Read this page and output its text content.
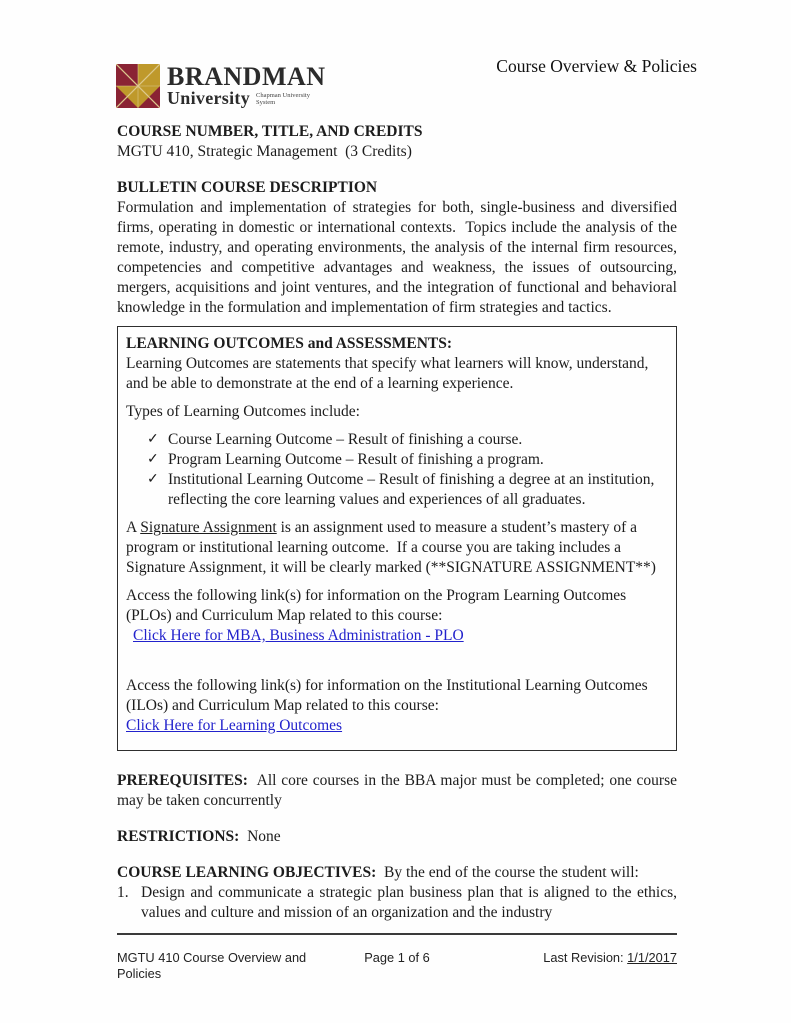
BRANDMAN
University Chapman University
System
Course Overview & Policies

COURSE NUMBER, TITLE, AND CREDITS

MGTU 410, Strategic Management  (3 Credits)

BULLETIN COURSE DESCRIPTION

Formulation and implementation of strategies for both, single-business and diversified firms, operating in domestic or international contexts.  Topics include the analysis of the remote, industry, and operating environments, the analysis of the internal firm resources, competencies and competitive advantages and weakness, the issues of outsourcing, mergers, acquisitions and joint ventures, and the integration of functional and behavioral knowledge in the formulation and implementation of firm strategies and tactics.

LEARNING OUTCOMES and ASSESSMENTS:

Learning Outcomes are statements that specify what learners will know, understand, and be able to demonstrate at the end of a learning experience.

Types of Learning Outcomes include:

✓ Course Learning Outcome – Result of finishing a course.
✓ Program Learning Outcome – Result of finishing a program.
✓ Institutional Learning Outcome – Result of finishing a degree at an institution, reflecting the core learning values and experiences of all graduates.

A Signature Assignment is an assignment used to measure a student’s mastery of a program or institutional learning outcome.  If a course you are taking includes a Signature Assignment, it will be clearly marked (**SIGNATURE ASSIGNMENT**)

Access the following link(s) for information on the Program Learning Outcomes (PLOs) and Curriculum Map related to this course:

Click Here for MBA, Business Administration - PLO

Access the following link(s) for information on the Institutional Learning Outcomes (ILOs) and Curriculum Map related to this course:

Click Here for Learning Outcomes

PREREQUISITES:  All core courses in the BBA major must be completed; one course may be taken concurrently

RESTRICTIONS:  None

COURSE LEARNING OBJECTIVES:  By the end of the course the student will:

1. Design and communicate a strategic plan business plan that is aligned to the ethics, values and culture and mission of an organization and the industry

MGTU 410 Course Overview and Policies
Page 1 of 6	Last Revision: 1/1/2017
